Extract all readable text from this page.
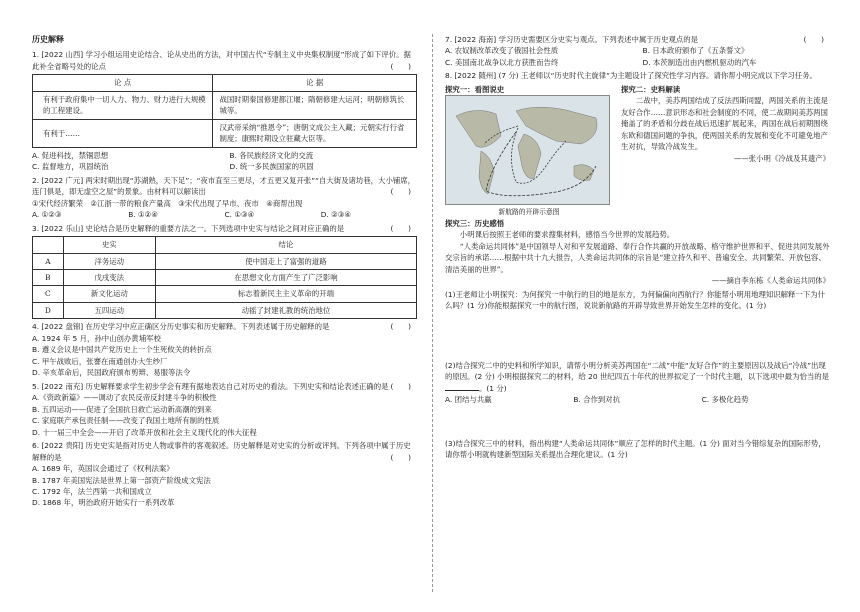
历史解释
1. [2022 山西] 学习小组运用史论结合、论从史出的方法，对中国古代“专制主义中央集权制度”形成了如下评价。据此补全省略号处的论点	(　　)
论 点	论 据
有利于政府集中一切人力、物力、财力进行大规模的工程建设。	战国时期秦国修建都江堰；隋朝修建大运河；明朝修筑长城等。
有利于……	汉武帝采纳“推恩令”；唐朝文成公主入藏；元朝实行行省制度；康熙时期设立驻藏大臣等。
A. 促进科技，禁锢思想	B. 各民族经济文化的交流
C. 监督地方，巩固统治	D. 统一多民族国家的巩固
2. [2022 广元] 两宋时期出现“苏湖熟，天下足”；“夜市直至三更尽，才五更又复开张”“自大街及诸坊巷，大小铺席，连门俱是，即无虚空之屋”的景象。由材料可以解读出	(　　)
①宋代经济繁荣　②江浙一带的粮食产量高　③宋代出现了早市、夜市　④商帮出现
A. ①②③	B. ①②④	C. ①③④	D. ②③④
3. [2022 乐山] 史论结合是历史解释的重要方法之一。下列选项中史实与结论之间对应正确的是	(　　)
	史实	结论
A	洋务运动	使中国走上了富强的道路
B	戊戌变法	在思想文化方面产生了广泛影响
C	新文化运动	标志着新民主主义革命的开端
D	五四运动	动摇了封建礼教的统治地位
4. [2022 盘锦] 在历史学习中应正确区分历史事实和历史解释。下列表述属于历史解释的是	(　　)
A. 1924 年 5 月，孙中山创办黄埔军校
B. 遵义会议是中国共产党历史上一个生死攸关的转折点
C. 甲午战败后，张謇在南通创办大生纱厂
D. 辛亥革命后，民国政府颁布剪辫、易服等法令
5. [2022 南充] 历史解释要求学生初步学会有理有据地表达自己对历史的看法。下列史实和结论表述正确的是 (　　)
A.《资政新篇》——调动了农民反帝反封建斗争的积极性
B. 五四运动——促进了全国抗日救亡运动新高潮的到来
C. 家庭联产承包责任制——改变了我国土地所有制的性质
D. 十一届三中全会——开启了改革开放和社会主义现代化的伟大征程
6. [2022 贵阳] 历史史实是指对历史人物或事件的客观叙述。历史解释是对史实的分析或评判。下列各项中属于历史解释的是	(　　)
A. 1689 年，英国议会通过了《权利法案》
B. 1787 年美国宪法是世界上第一部资产阶级成文宪法
C. 1792 年，法兰西第一共和国成立
D. 1868 年，明治政府开始实行一系列改革
7. [2022 海南] 学习历史需要区分史实与观点。下列表述中属于历史观点的是	(　　)
A. 农奴制改革改变了俄国社会性质	B. 日本政府颁布了《五条誓文》
C. 美国南北战争以北方获胜而告终	D. 本茨制造出由内燃机驱动的汽车
8. [2022 随州] (7 分) 王老师以“历史时代主旋律”为主题设计了探究性学习内容。请你帮小明完成以下学习任务。
探究一：看图说史
新航路的开辟示意图
探究二：史料解读
二战中，美苏两国结成了反法西斯同盟，两国关系的主流是友好合作……意识形态和社会制度的不同，使二战期间美苏两国掩盖了的矛盾和分歧在战后迅速扩展起来，两国在战后初期围绕东欧和德国问题的争执，使两国关系的发展和变化不可避免地产生对抗，导致冷战发生。
——张小明《冷战及其遗产》
探究三：历史感悟
小明课后按照王老师的要求搜集材料，感悟当今世界的发展趋势。
“人类命运共同体”是中国领导人对和平发展道路、奉行合作共赢的开放战略、格守维护世界和平、促进共同发展外交宗旨的承诺……根据中共十九大报告，人类命运共同体的宗旨是“建立持久和平、普遍安全、共同繁荣、开放包容、清洁美丽的世界”。
——摘自李东栋《人类命运共同体》
(1)王老师让小明探究：为何探究一中航行的目的地是东方，为何偏偏向西航行？你能帮小明用地理知识解释一下为什么吗？(1 分)你能根据探究一中的航行图，说说新航路的开辟导致世界开始发生怎样的变化。(1 分)
(2)结合探究二中的史料和所学知识，请帮小明分析美苏两国在“二战”中能“友好合作”的主要原因以及战后“冷战”出现的原因。(2 分) 小明根据探究二的材料，给 20 世纪四五十年代的世界拟定了一个时代主题，以下选项中最为恰当的是。(1 分)
A. 团结与共赢	B. 合作到对抗	C. 多极化趋势
(3)结合探究三中的材料，指出构建“人类命运共同体”顺应了怎样的时代主题。(1 分) 面对当今错综复杂的国际形势，请你帮小明就构建新型国际关系提出合理化建议。(1 分)
